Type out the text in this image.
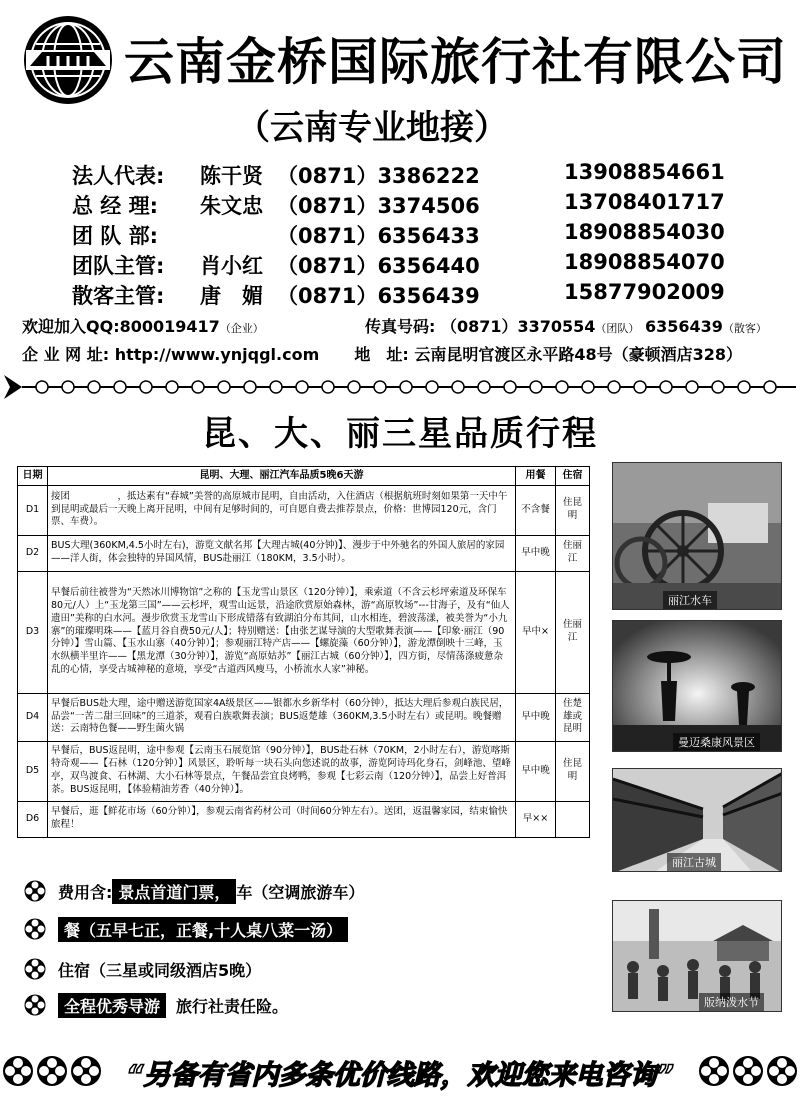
云南金桥国际旅行社有限公司
（云南专业地接）
法人代表: 陈干贤 （0871）3386222	13908854661
总 经 理: 朱文忠 （0871）3374506	13708401717
团 队 部:	（0871）6356433	18908854030
团队主管: 肖小红 （0871）6356440	18908854070
散客主管: 唐　媚 （0871）6356439	15877902009
欢迎加入QQ:800019417（企业）	传真号码: （0871）3370554（团队） 6356439（散客）
企 业 网 址: http://www.ynjqgl.com 地　址: 云南昆明官渡区永平路48号（豪顿酒店328）
昆、大、丽三星品质行程
日期	昆明、大理、丽江汽车品质5晚6天游	用餐	住宿
D1	接团　　　　　，抵达素有“春城”美誉的高原城市昆明，自由活动，入住酒店（根据航班时刻如果第一天中午到昆明或最后一天晚上离开昆明，中间有足够时间的，可自愿自费去推荐景点，价格：世博园120元，含门票、车费）。	不含餐	住昆明
D2	BUS大理(360KM,4.5小时左右)，游览文献名邦【大理古城(40分钟)】、漫步于中外驰名的外国人旅居的家园——洋人街，体会独特的异国风情，BUS赴丽江（180KM，3.5小时）。	早中晚	住丽江
D3	早餐后前往被誉为“天然冰川博物馆”之称的【玉龙雪山景区（120分钟）】，乘索道（不含云杉坪索道及环保车80元/人）上“玉龙第三国”——云杉坪，观雪山远景，沿途欣赏原始森林，游“高原牧场”---甘海子，及有“仙人遗田”美称的白水河。漫步欣赏玉龙雪山下形成错落有致湖泊分布其间，山水相连，碧波荡漾，被美誉为“小九寨”的璀璨明珠——【蓝月谷自费50元/人】；特别赠送：【由张艺谋导演的大型歌舞表演——【印象·丽江（90分钟）】雪山篇、【玉水山寨（40分钟）】；参观丽江特产店——【螺旋藻（60分钟）】，游龙潭倒映十三峰，玉水纵横半里许——【黑龙潭（30分钟）】，游览“高原姑苏”【丽江古城（60分钟）】，四方街，尽情荡涤疲惫杂乱的心情，享受古城神秘的意境，享受“古道西风瘦马，小桥流水人家”神秘。	早中×	住丽江
D4	早餐后BUS赴大理，途中赠送游览国家4A级景区——银都水乡新华村（60分钟），抵达大理后参观白族民居，品尝“一苦二甜三回味”的三道茶，观看白族歌舞表演；BUS返楚雄（360KM,3.5小时左右）或昆明。晚餐赠送：云南特色餐——野生菌火锅	早中晚	住楚雄或昆明
D5	早餐后，BUS返昆明，途中参观【云南玉石展览馆（90分钟）】，BUS赴石林（70KM，2小时左右），游览喀斯特奇观——【石林（120分钟）】风景区，聆听每一块石头向您述说的故事，游览阿诗玛化身石，剑峰池、望峰亭，双鸟渡食、石林湖、大小石林等景点，午餐品尝宜良烤鸭，参观【七彩云南（120分钟）】，品尝上好普洱茶。BUS返昆明，【体验精油芳香（40分钟）】。	早中晚	住昆明
D6	早餐后，逛【鲜花市场（60分钟）】，参观云南省药材公司（时间60分钟左右）。送团，返温馨家园，结束愉快旅程！	早××	
丽江水车
曼迈桑康风景区
丽江古城
版纳泼水节
费用含: 景点首道门票， 车（空调旅游车）
餐（五早七正，正餐,十人桌八菜一汤）
住宿（三星或同级酒店5晚）
全程优秀导游	旅行社责任险。
“另备有省内多条优价线路，欢迎您来电咨询”
